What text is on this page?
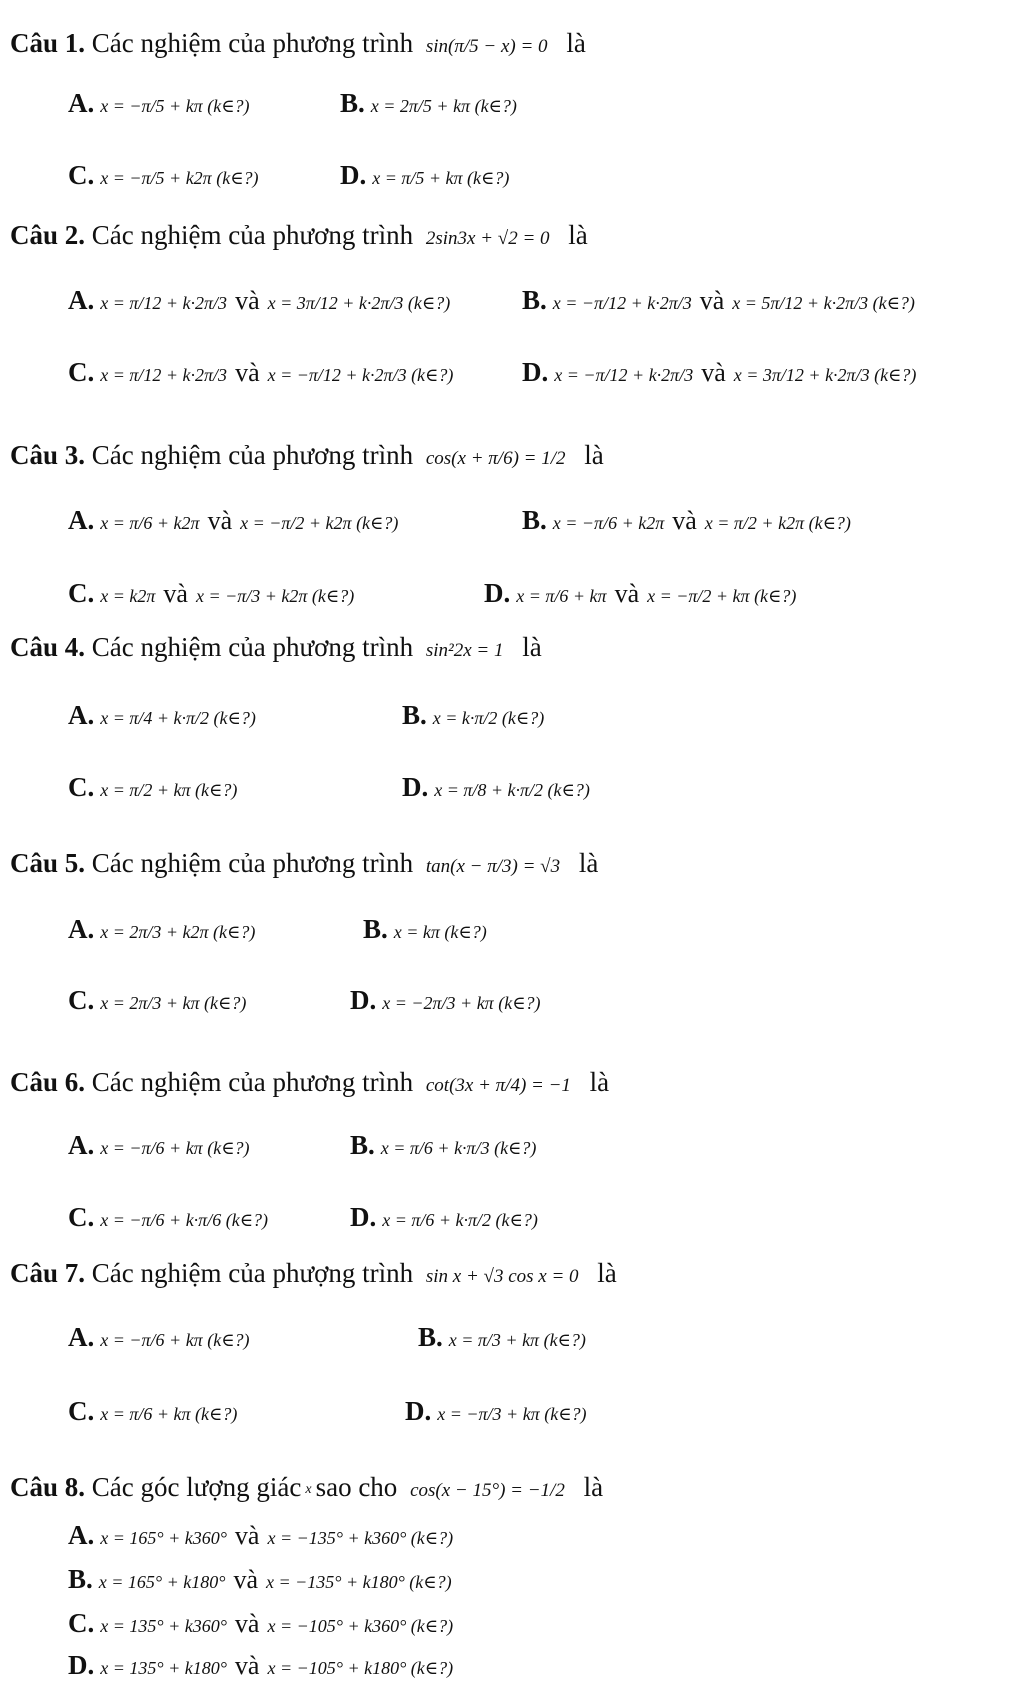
Câu 1. Các nghiệm của phương trình sin(π/5 − x) = 0 là
A. x = −π/5 + kπ (k∈?)	B. x = 2π/5 + kπ (k∈?)
C. x = −π/5 + k2π (k∈?)	D. x = π/5 + kπ (k∈?)
Câu 2. Các nghiệm của phương trình 2sin3x + √2 = 0 là
A. x = π/12 + k·2π/3 và x = 3π/12 + k·2π/3 (k∈?)	B. x = −π/12 + k·2π/3 và x = 5π/12 + k·2π/3 (k∈?)
C. x = π/12 + k·2π/3 và x = −π/12 + k·2π/3 (k∈?)	D. x = −π/12 + k·2π/3 và x = 3π/12 + k·2π/3 (k∈?)
Câu 3. Các nghiệm của phương trình cos(x + π/6) = 1/2 là
A. x = π/6 + k2π và x = −π/2 + k2π (k∈?)	B. x = −π/6 + k2π và x = π/2 + k2π (k∈?)
C. x = k2π và x = −π/3 + k2π (k∈?)	D. x = π/6 + kπ và x = −π/2 + kπ (k∈?)
Câu 4. Các nghiệm của phương trình sin²2x = 1 là
A. x = π/4 + k·π/2 (k∈?)	B. x = k·π/2 (k∈?)
C. x = π/2 + kπ (k∈?)	D. x = π/8 + k·π/2 (k∈?)
Câu 5. Các nghiệm của phương trình tan(x − π/3) = √3 là
A. x = 2π/3 + k2π (k∈?)	B. x = kπ (k∈?)
C. x = 2π/3 + kπ (k∈?)	D. x = −2π/3 + kπ (k∈?)
Câu 6. Các nghiệm của phương trình cot(3x + π/4) = −1 là
A. x = −π/6 + kπ (k∈?)	B. x = π/6 + k·π/3 (k∈?)
C. x = −π/6 + k·π/6 (k∈?)	D. x = π/6 + k·π/2 (k∈?)
Câu 7. Các nghiệm của phượng trình sin x + √3 cos x = 0 là
A. x = −π/6 + kπ (k∈?)	B. x = π/3 + kπ (k∈?)
C. x = π/6 + kπ (k∈?)	D. x = −π/3 + kπ (k∈?)
Câu 8. Các góc lượng giác x sao cho cos(x − 15°) = −1/2 là
A. x = 165° + k360° và x = −135° + k360° (k∈?)
B. x = 165° + k180° và x = −135° + k180° (k∈?)
C. x = 135° + k360° và x = −105° + k360° (k∈?)
D. x = 135° + k180° và x = −105° + k180° (k∈?)
